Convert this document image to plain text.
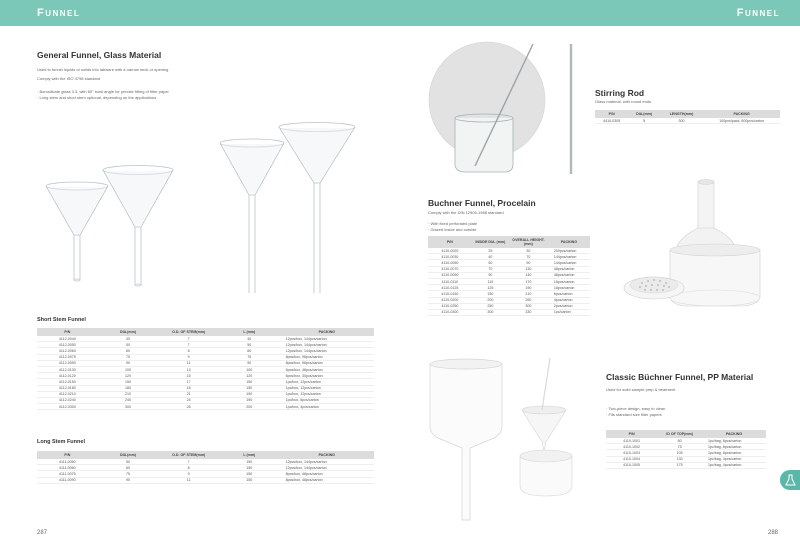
Funnel
General Funnel, Glass Material
Used to funnel liquids or solids into labware with a narrow neck or opening
Comply with the ISO 4798 standard
· Borosilicate glass 3.3, with 60° bowl angle for precise fitting of filter paper
· Long stem and short stem optional, depending on the applications
Short Stem Funnel
P/N	DIA.(mm)	O.D. OF STEM(mm)	L (mm)	PACKING
4112-0040	40	7	40	12pcs/box, 144pcs/carton
4112-0050	50	7	50	12pcs/box, 144pcs/carton
4112-0060	60	8	60	12pcs/box, 144pcs/carton
4112-0075	75	9	75	8pcs/box, 96pcs/carton
4112-0090	90	11	90	8pcs/box, 96pcs/carton
4112-0100	100	13	100	6pcs/box, 48pcs/carton
4112-0120	120	15	120	6pcs/box, 30pcs/carton
4112-0150	150	17	150	1pc/box, 12pcs/carton
4112-0180	180	18	150	1pc/box, 12pcs/carton
4112-0210	210	21	190	1pc/box, 12pcs/carton
4112-0240	240	24	190	1pc/box, 6pcs/carton
4112-0300	300	26	200	1pc/box, 4pcs/carton
Long Stem Funnel
P/N	DIA.(mm)	O.D. OF STEM(mm)	L (mm)	PACKING
4111-0050	50	7	150	12pcs/box, 144pcs/carton
4111-0060	60	8	150	12pcs/box, 144pcs/carton
4111-0075	75	9	150	8pcs/box, 48pcs/carton
4111-0090	90	11	150	8pcs/box, 48pcs/carton
287
Funnel
Stirring Rod
Glass material, with round ends
P/N	DIA.(mm)	LENGTH(mm)	PACKING
4410-0305	5	300	100pcs/pack, 600pcs/carton
Buchner Funnel, Procelain
Comply with the DIN 12905-1988 standard
· With fixed perforated plate
· Glazed inside and outside
P/N	INSIDE DIA. (mm)	OVERALL HEIGHT. (mm)	PACKING
4110-0020	25	30	200pcs/carton
4110-0030	40	70	144pcs/carton
4110-0050	50	90	144pcs/carton
4110-0070	70	130	48pcs/carton
4110-0090	90	140	48pcs/carton
4110-0110	110	170	16pcs/carton
4110-0125	125	190	16pcs/carton
4110-0150	150	210	6pcs/carton
4110-0200	200	260	4pcs/carton
4110-0250	250	300	2pcs/carton
4110-0300	300	330	1pc/carton
Classic Büchner Funnel, PP Material
Used for solid sample prep & treatment
· Two-piece design, easy to clean
· Fits standard size filter papers
P/N	ID OF TOP(mm)	PACKING
4110-1001	60	1pc/bag, 8pcs/carton
4110-1002	75	1pc/bag, 8pcs/carton
4110-1003	105	1pc/bag, 8pcs/carton
4110-1004	130	1pc/bag, 4pcs/carton
4110-1005	175	1pc/bag, 4pcs/carton
288
